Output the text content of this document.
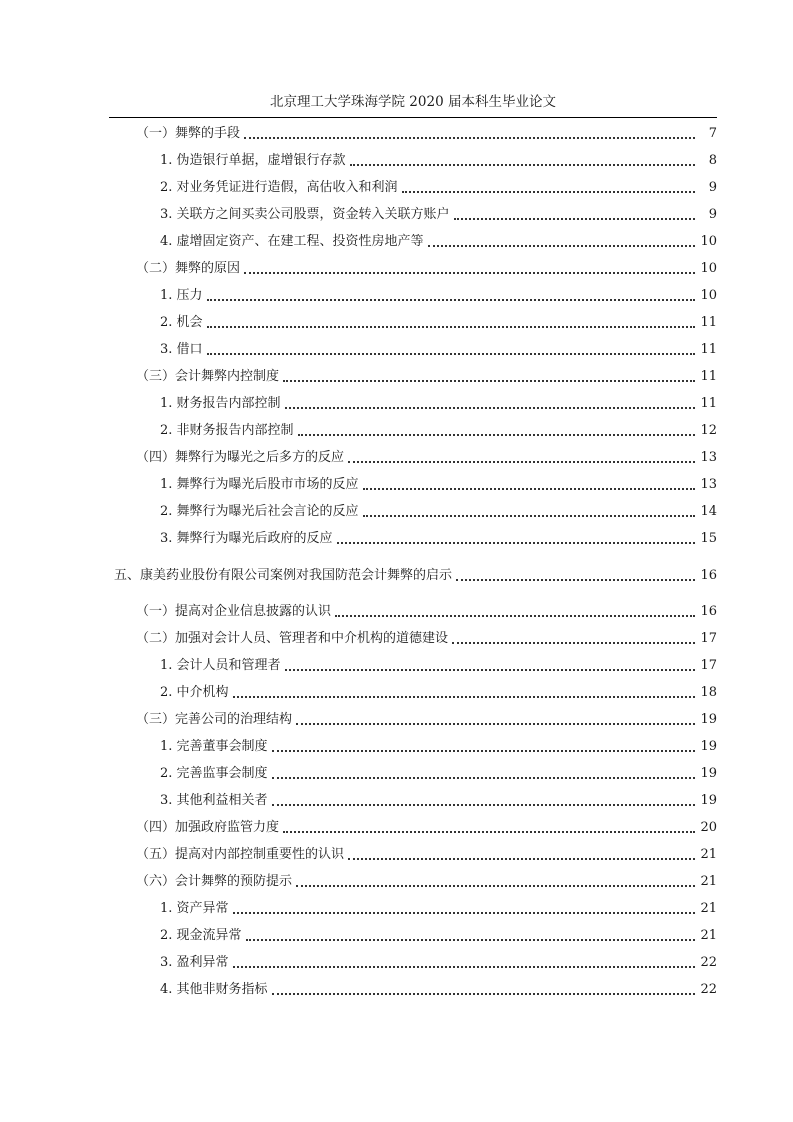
北京理工大学珠海学院 2020 届本科生毕业论文
（一）舞弊的手段	7
1. 伪造银行单据，虚增银行存款	8
2. 对业务凭证进行造假，高估收入和利润	9
3. 关联方之间买卖公司股票，资金转入关联方账户	9
4. 虚增固定资产、在建工程、投资性房地产等	10
（二）舞弊的原因	10
1. 压力	10
2. 机会	11
3. 借口	11
（三）会计舞弊内控制度	11
1. 财务报告内部控制	11
2. 非财务报告内部控制	12
（四）舞弊行为曝光之后多方的反应	13
1. 舞弊行为曝光后股市市场的反应	13
2. 舞弊行为曝光后社会言论的反应	14
3. 舞弊行为曝光后政府的反应	15
五、康美药业股份有限公司案例对我国防范会计舞弊的启示	16
（一）提高对企业信息披露的认识	16
（二）加强对会计人员、管理者和中介机构的道德建设	17
1. 会计人员和管理者	17
2. 中介机构	18
（三）完善公司的治理结构	19
1. 完善董事会制度	19
2. 完善监事会制度	19
3. 其他利益相关者	19
（四）加强政府监管力度	20
（五）提高对内部控制重要性的认识	21
（六）会计舞弊的预防提示	21
1. 资产异常	21
2. 现金流异常	21
3. 盈利异常	22
4. 其他非财务指标	22
